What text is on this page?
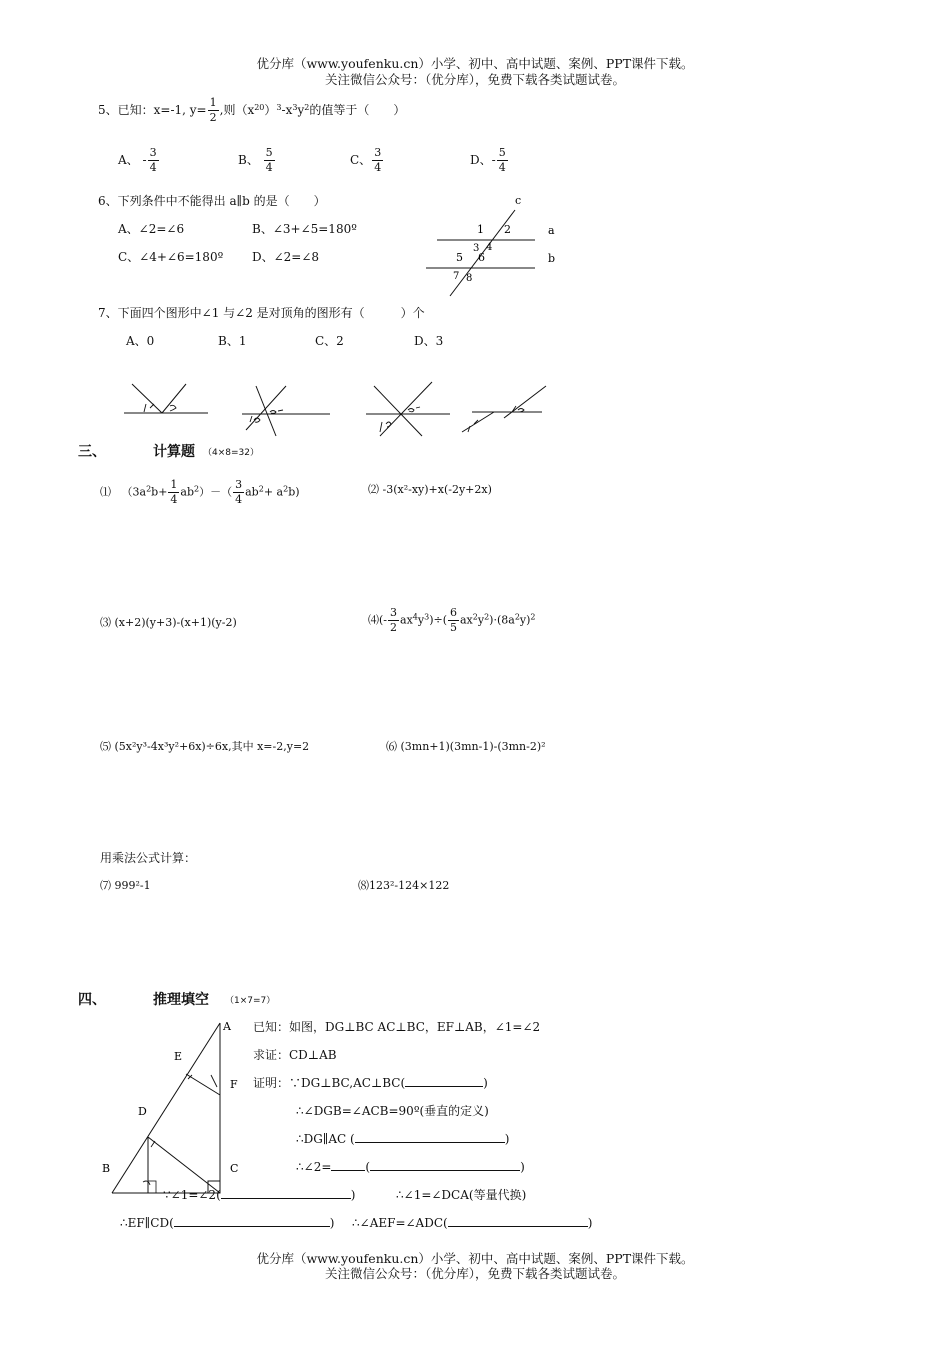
优分库（www.youfenku.cn）小学、初中、高中试题、案例、PPT课件下载。
关注微信公众号：（优分库），免费下载各类试题试卷。
5、已知：x=-1, $y= \frac{1}{2}$ ,则$(x^{20})^3-x^3y^2$的值等于（　　）
A、 - $\frac{3}{4}$	B、 $\frac{5}{4}$	C、 $\frac{3}{4}$	D、- $\frac{5}{4}$
6、下列条件中不能得出 a∥b 的是（　　）
A、∠2=∠6	B、∠3+∠5=180º
C、∠4+∠6=180º D、∠2=∠8
c
a
b
1 2
3 4
5 6
7 8
7、下面四个图形中∠1 与∠2 是对顶角的图形有（　　　）个
A、0	B、1	C、2	D、3
三、	计算题 （4×8=32）
⑴ $(3a^2b+ \frac{1}{4} ab^2)-( \frac{3}{4} ab^2+ a^2b)$	⑵ -3(x²-xy)+x(-2y+2x)
⑶ (x+2)(y+3)-(x+1)(y-2)	⑷(- $\frac{3}{2} ax^4y^3)\div( \frac{6}{5} ax^2y^2)\cdot(8a^2y)^2$
⑸ (5x²y³-4x³y²+6x)÷6x,其中 x=-2,y=2	⑹ (3mn+1)(3mn-1)-(3mn-2)²
用乘法公式计算：
⑺ 999²-1	⑻123²-124×122
四、	推理填空 （1×7=7）
A
B	C
D
E
F
已知：如图，DG⊥BC AC⊥BC，EF⊥AB，∠1=∠2
求证：CD⊥AB
证明：∵DG⊥BC,AC⊥BC(	)
∴∠DGB=∠ACB=90º(垂直的定义)
∴DG∥AC (	)
∴∠2=	(	)
∵∠1=∠2(	)	∴∠1=∠DCA(等量代换)
∴EF∥CD(	) ∴∠AEF=∠ADC(	)
优分库（www.youfenku.cn）小学、初中、高中试题、案例、PPT课件下载。
关注微信公众号：（优分库），免费下载各类试题试卷。
